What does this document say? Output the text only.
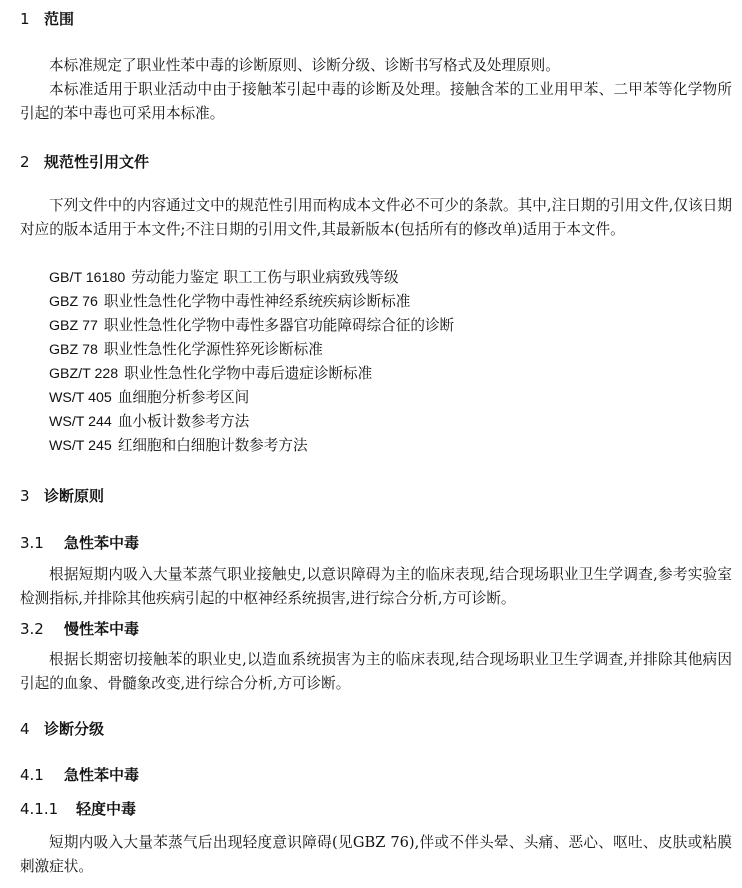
1 范围
本标准规定了职业性苯中毒的诊断原则、诊断分级、诊断书写格式及处理原则。
本标准适用于职业活动中由于接触苯引起中毒的诊断及处理。接触含苯的工业用甲苯、二甲苯等化学物所引起的苯中毒也可采用本标准。
2 规范性引用文件
下列文件中的内容通过文中的规范性引用而构成本文件必不可少的条款。其中,注日期的引用文件,仅该日期对应的版本适用于本文件;不注日期的引用文件,其最新版本(包括所有的修改单)适用于本文件。
GB/T 16180 劳动能力鉴定 职工工伤与职业病致残等级
GBZ 76 职业性急性化学物中毒性神经系统疾病诊断标准
GBZ 77 职业性急性化学物中毒性多器官功能障碍综合征的诊断
GBZ 78 职业性急性化学源性猝死诊断标准
GBZ/T 228 职业性急性化学物中毒后遗症诊断标准
WS/T 405 血细胞分析参考区间
WS/T 244 血小板计数参考方法
WS/T 245 红细胞和白细胞计数参考方法
3 诊断原则
3.1 急性苯中毒
根据短期内吸入大量苯蒸气职业接触史,以意识障碍为主的临床表现,结合现场职业卫生学调查,参考实验室检测指标,并排除其他疾病引起的中枢神经系统损害,进行综合分析,方可诊断。
3.2 慢性苯中毒
根据长期密切接触苯的职业史,以造血系统损害为主的临床表现,结合现场职业卫生学调查,并排除其他病因引起的血象、骨髓象改变,进行综合分析,方可诊断。
4 诊断分级
4.1 急性苯中毒
4.1.1 轻度中毒
短期内吸入大量苯蒸气后出现轻度意识障碍(见GBZ 76),伴或不伴头晕、头痛、恶心、呕吐、皮肤或粘膜刺激症状。
